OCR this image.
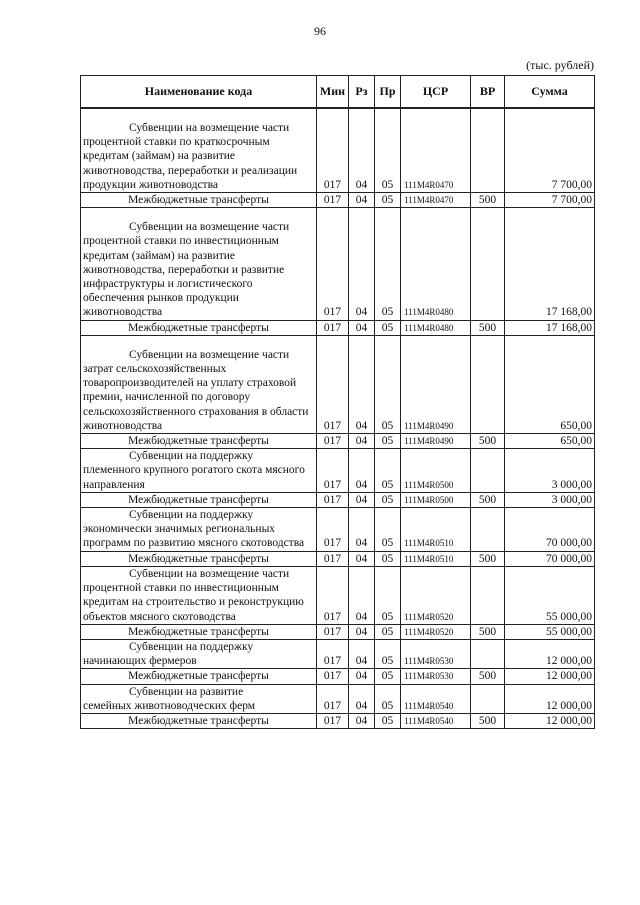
96
(тыс. рублей)
Наименование кода	Мин	Рз	Пр	ЦСР	ВР	Сумма

Субвенции на возмещение части
процентной ставки по краткосрочным кредитам (займам) на развитие животноводства, переработки и реализации продукции животноводства	017	04	05	111M4R0470		7 700,00
Межбюджетные трансферты	017	04	05	111M4R0470	500	7 700,00

Субвенции на возмещение части
процентной ставки по инвестиционным кредитам (займам) на развитие животноводства, переработки и развитие инфраструктуры и логистического обеспечения рынков продукции животноводства	017	04	05	111M4R0480		17 168,00
Межбюджетные трансферты	017	04	05	111M4R0480	500	17 168,00

Субвенции на возмещение части
затрат сельскохозяйственных товаропроизводителей на уплату страховой премии, начисленной по договору сельскохозяйственного страхования в области животноводства	017	04	05	111M4R0490		650,00
Межбюджетные трансферты	017	04	05	111M4R0490	500	650,00

Субвенции на поддержку
племенного крупного рогатого скота мясного направления	017	04	05	111M4R0500		3 000,00
Межбюджетные трансферты	017	04	05	111M4R0500	500	3 000,00

Субвенции на поддержку
экономически значимых региональных программ по развитию мясного скотоводства	017	04	05	111M4R0510		70 000,00
Межбюджетные трансферты	017	04	05	111M4R0510	500	70 000,00

Субвенции на возмещение части
процентной ставки по инвестиционным кредитам на строительство и реконструкцию объектов мясного скотоводства	017	04	05	111M4R0520		55 000,00
Межбюджетные трансферты	017	04	05	111M4R0520	500	55 000,00

Субвенции на поддержку
начинающих фермеров	017	04	05	111M4R0530		12 000,00
Межбюджетные трансферты	017	04	05	111M4R0530	500	12 000,00

Субвенции на развитие
семейных животноводческих ферм	017	04	05	111M4R0540		12 000,00
Межбюджетные трансферты	017	04	05	111M4R0540	500	12 000,00
